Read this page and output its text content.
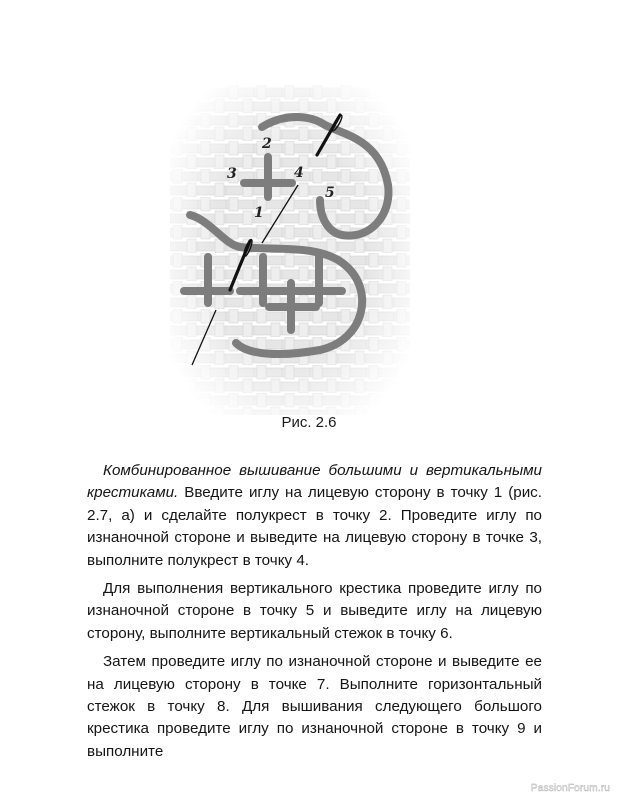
2
3	4
1
5
Рис. 2.6

Комбинированное вышивание большими и вертикальными крестиками. Введите иглу на лицевую сторону в точку 1 (рис. 2.7, а) и сделайте полукрест в точку 2. Проведите иглу по изнаночной стороне и выведите на лицевую сторону в точке 3, выполните полукрест в точку 4.

Для выполнения вертикального крестика проведите иглу по изнаночной стороне в точку 5 и выведите иглу на лицевую сторону, выполните вертикальный стежок в точку 6.

Затем проведите иглу по изнаночной стороне и выведите ее на лицевую сторону в точке 7. Выполните горизонтальный стежок в точку 8. Для вышивания следующего большого крестика проведите иглу по изнаночной стороне в точку 9 и выполните

PassionForum.ru
